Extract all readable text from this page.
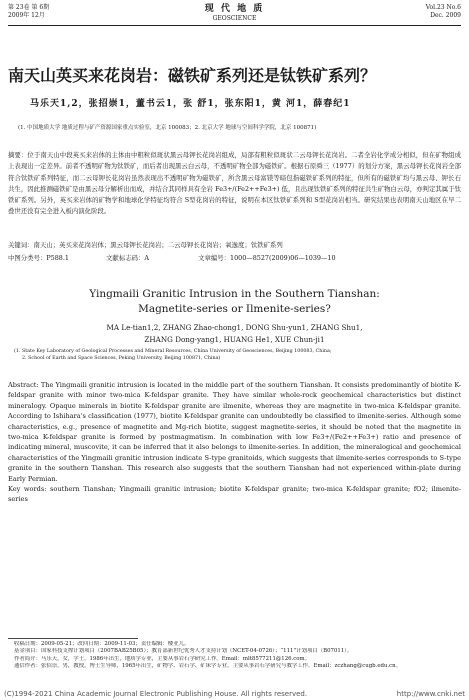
第 23卷 第 6期
2009年 12月
现 代 地 质
GEOSCIENCE
Vol.23 No.6
Dec. 2009
南天山英买来花岗岩：磁铁矿系列还是钛铁矿系列？
马乐天1,2，张招崇1，董书云1，张 舒1，张东阳1，黄 河1，薛春纪1
(1. 中国地质大学 地质过程与矿产资源国家重点实验室，北京 100083；2. 北京大学 地球与空间科学学院，北京 100871)
摘要：位于南天山中段英买来岩体的主体由中粗粒似斑状黑云母钾长花岗岩组成，局部有粗粒似斑状二云母钾长花岗岩。二者全岩化学成分相似，但在矿物组成上表现出一定差异。前者不透明矿物为钛铁矿，而后者出现黑云白云母，不透明矿物全部为磁铁矿。根据石原舜三（1977）的划分方案，黑云母钾长花岗岩全部符合钛铁矿系列特征，而二云母钾长花岗岩虽然表现出不透明矿物为磁铁矿，所含黑云母富镁等暗包指磁铁矿系列的特征，但所有的磁铁矿均与黑云母、钾长石共生，因此推测磁铁矿是由黑云母分解析出而成，并结合其同样具有全岩 Fe3+/(Fe2++Fe3+) 低，且出现钛铁矿系列的特征共生矿物白云母，亦判定其属于钛铁矿系列。另外，英买来岩体的矿物学和地球化学特征均符合 S型花岗岩的特征，说明在本区钛铁矿系列和 S型花岗岩相当。研究结果也表明南天山地区在早二叠世还没有完全进入板内演化阶段。
关键词：南天山；英买来花岗岩体；黑云母钾长花岗岩；二云母钾长花岗岩；氧逸度；钛铁矿系列
中图分类号：P588.1	文献标志码：A	文章编号：1000—8527(2009)06—1039—10
Yingmaili Granitic Intrusion in the Southern Tianshan:
Magnetite-series or Ilmenite-series?
MA Le-tian1,2, ZHANG Zhao-chong1, DONG Shu-yun1, ZHANG Shu1,
ZHANG Dong-yang1, HUANG He1, XUE Chun-ji1
(1. State Key Laboratory of Geological Processes and Mineral Resources, China University of Geosciences, Beijing 100083, China;
2. School of Earth and Space Sciences, Peking University, Beijing 100871, China)
Abstract: The Yingmaili granitic intrusion is located in the middle part of the southern Tianshan. It consists predominantly of biotite K-feldspar granite with minor two-mica K-feldspar granite. They have similar whole-rock geochemical characteristics but distinct mineralogy. Opaque minerals in biotite K-feldspar granite are ilmenite, whereas they are magnetite in two-mica K-feldspar granite. According to Ishihara's classification (1977), biotite K-feldspar granite can undoubtedly be classified to ilmenite-series. Although some characteristics, e.g., presence of magnetite and Mg-rich biotite, suggest magnetite-series, it should be noted that the magnetite in two-mica K-feldspar granite is formed by postmagmatism. In combination with low Fe3+/(Fe2++Fe3+) ratio and presence of indicating mineral, muscovite, it can be inferred that it also belongs to ilmenite-series. In addition, the mineralogical and geochemical characteristics of the Yingmaili granitic intrusion indicate S-type granitoids, which suggests that ilmenite-series corresponds to S-type granite in the southern Tianshan. This research also suggests that the southern Tianshan had not experienced within-plate during Early Permian.
Key words: southern Tianshan; Yingmaili granitic intrusion; biotite K-feldspar granite; two-mica K-feldspar granite; fO2; ilmenite-series
收稿日期：2009-05-21；改回日期：2009-11-03；责任编辑：楼亚儿。
基金项目：国家科技支撑计划项目（2007BAB25B05）；教育部新世纪优秀人才支持计划（NCET-04-0726）；“111”计划项目（B07011）。
作者简介：马乐天，女，学士，1986年出生，地质学专业，主要从事岩石学研究工作。Email：mlt8577211@126.com。
通信作者：张招崇，男，教授，博士生导师，1965年出生，矿物学、岩石学、矿床学专业，主要从事岩石学研究与教学工作。Email：zczhang@cugb.edu.cn。
(C)1994-2021 China Academic Journal Electronic Publishing House. All rights reserved.	http://www.cnki.net
